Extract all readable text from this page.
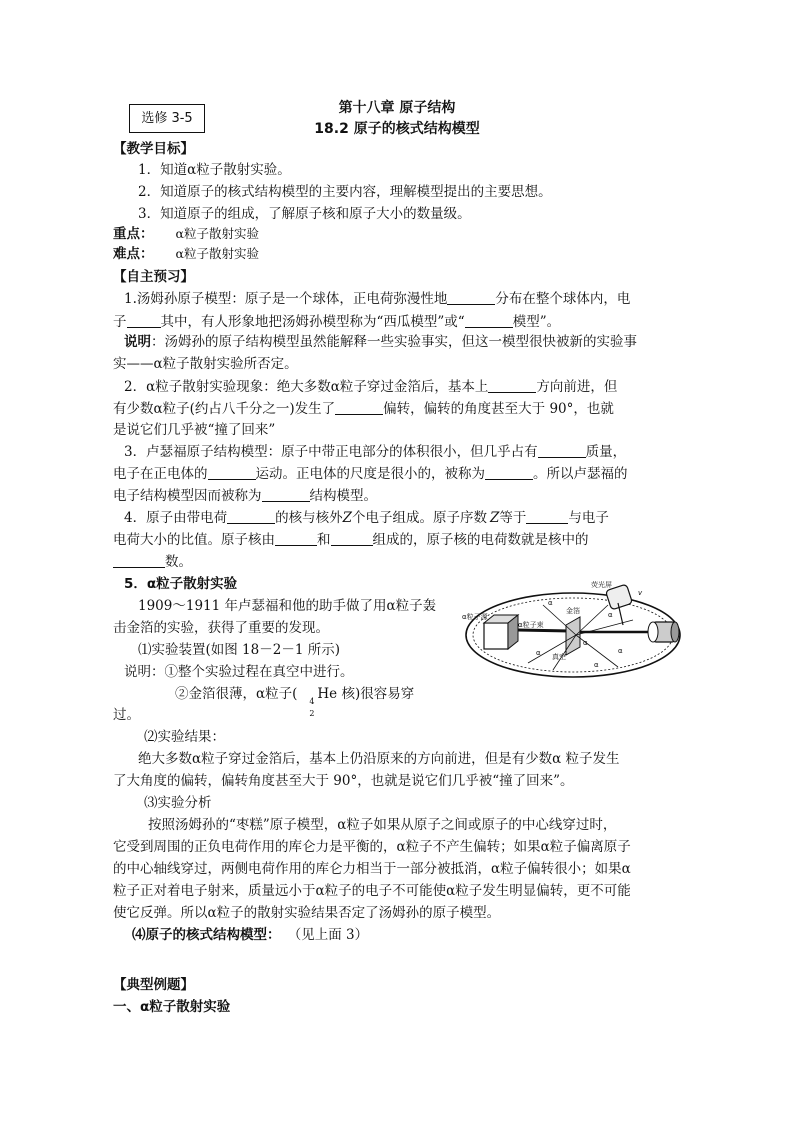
选修 3-5
第十八章 原子结构
18.2 原子的核式结构模型
【教学目标】
1．知道α粒子散射实验。
2．知道原子的核式结构模型的主要内容，理解模型提出的主要思想。
3．知道原子的组成，了解原子核和原子大小的数量级。
重点： α粒子散射实验
难点： α粒子散射实验
【自主预习】
1.汤姆孙原子模型：原子是一个球体，正电荷弥漫性地	分布在整个球体内，电
子	其中，有人形象地把汤姆孙模型称为“西瓜模型”或“	模型”。
说明：汤姆孙的原子结构模型虽然能解释一些实验事实，但这一模型很快被新的实验事
实——α粒子散射实验所否定。
2．α粒子散射实验现象：绝大多数α粒子穿过金箔后，基本上	方向前进，但
有少数α粒子(约占八千分之一)发生了	偏转，偏转的角度甚至大于 90°，也就
是说它们几乎被“撞了回来”
3．卢瑟福原子结构模型：原子中带正电部分的体积很小，但几乎占有	质量，
电子在正电体的	运动。正电体的尺度是很小的，被称为	。所以卢瑟福的
电子结构模型因而被称为	结构模型。
4．原子由带电荷	的核与核外Z个电子组成。原子序数 Z等于	与电子
电荷大小的比值。原子核由	和	组成的，原子核的电荷数就是核中的
数。
5．α粒子散射实验
1909～1911 年卢瑟福和他的助手做了用α粒子轰
击金箔的实验，获得了重要的发现。
⑴实验装置(如图 18－2－1 所示)
说明：①整个实验过程在真空中进行。
②金箔很薄，α粒子( 4
2
He 核)很容易穿
过。
⑵实验结果：
绝大多数α粒子穿过金箔后，基本上仍沿原来的方向前进，但是有少数α 粒子发生
了大角度的偏转，偏转角度甚至大于 90°，也就是说它们几乎被“撞了回来”。
⑶实验分析
按照汤姆孙的“枣糕”原子模型，α粒子如果从原子之间或原子的中心线穿过时，
它受到周围的正负电荷作用的库仑力是平衡的，α粒子不产生偏转；如果α粒子偏离原子
的中心轴线穿过，两侧电荷作用的库仑力相当于一部分被抵消，α粒子偏转很小；如果α
粒子正对着电子射来，质量远小于α粒子的电子不可能使α粒子发生明显偏转，更不可能
使它反弹。所以α粒子的散射实验结果否定了汤姆孙的原子模型。
⑷原子的核式结构模型： （见上面 3）
【典型例题】
一、α粒子散射实验
α粒子源
α粒子束
金箔
荧光屏
真空
v
α
α
α
α
α
α
